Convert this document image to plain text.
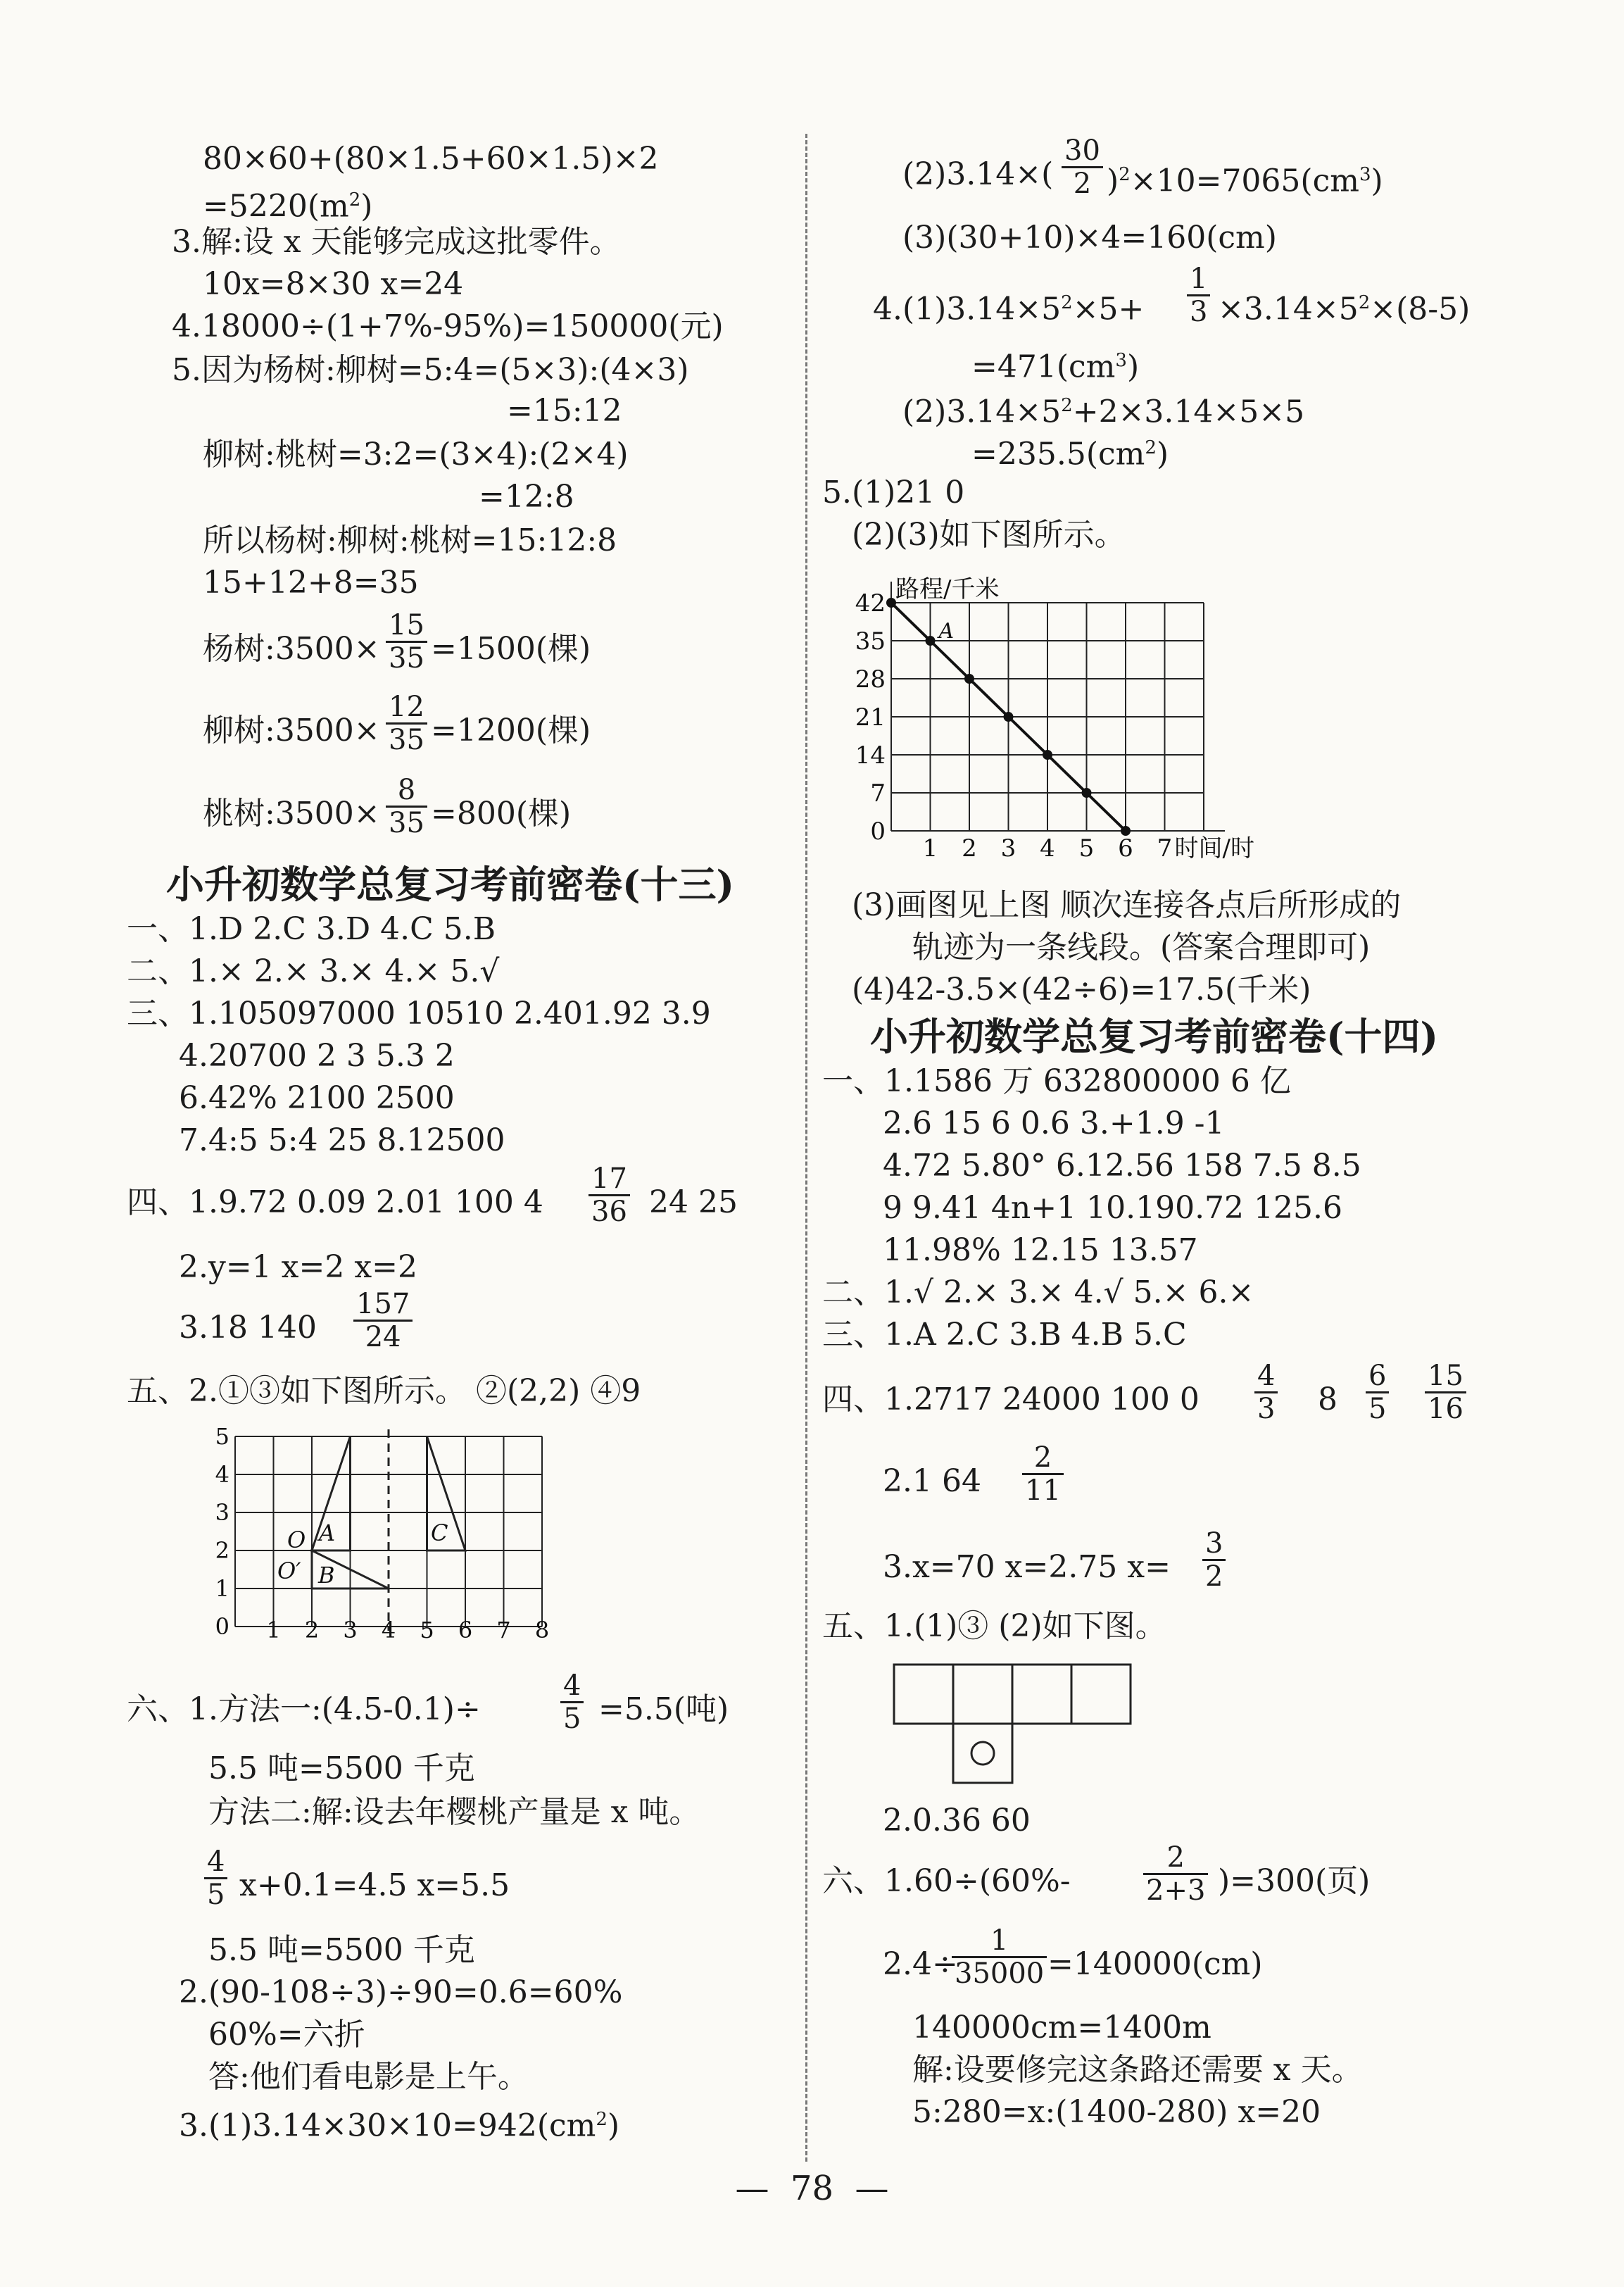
80×60+(80×1.5+60×1.5)×2
$=5220(m^2)$
3.解:设 x 天能够完成这批零件。
10x=8×30 x=24
4.18000÷(1+7%-95%)=150000(元)
5.因为杨树:柳树=5:4=(5×3):(4×3)
=15:12
柳树:桃树=3:2=(3×4):(2×4)
=12:8
所以杨树:柳树:桃树=15:12:8
15+12+8=35
杨树:3500× $\frac{15}{35} =1500$(棵)
柳树:3500× $\frac{12}{35} =1200$(棵)
桃树:3500× $\frac{8}{35} =800$(棵)
小升初数学总复习考前密卷(十三)
一、1.D 2.C 3.D 4.C 5.B
二、1.× 2.× 3.× 4.× 5.√
三、1.105097000 10510 2.401.92 3.9
4.20700 2 3 5.3 2
6.42% 2100 2500
7.4:5 5:4 25 8.12500
四、1.9.72 0.09 2.01 100 $4 \frac{17}{36} 24$ 25
2.y=1 x=2 x=2
3.18 $140 \frac{157}{24}$
五、2.①③如下图所示。 ②(2,2) ④9
A
B
C
O
O′
0
1
2
3
4
5
1 2 3 4 5 6 7 8
六、1.方法一:(4.5-0.1)÷	$\frac{4}{5} =5.5$(吨)
5.5 吨=5500 千克
方法二:解:设去年樱桃产量是 x 吨。
$\frac{4}{5} x+0.1=4.5$ x=5.5
5.5 吨=5500 千克
2.(90-108÷3)÷90=0.6=60%
60%=六折
答:他们看电影是上午。
$3.(1)3.14\times 30\times 10=942(cm^2)$
$(2)3.14\times( \frac{30}{2} )^2\times 10=7065(cm^3)$
(3)(30+10)×4=160(cm)
$4.(1)3.14\times 5^2\times 5+ \frac{1}{3} \times 3.14\times 5^2\times(8-5)$
$=471(cm^3)$
$(2)3.14\times 5^2+2\times 3.14\times 5\times 5$
$=235.5(cm^2)$
5.(1)21 0
(2)(3)如下图所示。
0
7
14
21
28
35
42
1 2 3 4 5 6 7
路程/千米
时间/时
A
(3)画图见上图 顺次连接各点后所形成的
轨迹为一条线段。(答案合理即可)
(4)42-3.5×(42÷6)=17.5(千米)
小升初数学总复习考前密卷(十四)
一、1.1586 万 632800000 6 亿
2.6 15 6 0.6 3.+1.9 -1
4.72 5.80° 6.12.56 158 7.5 8.5
9 9.41 4n+1 10.190.72 125.6
11.98% 12.15 13.57
二、1.√ 2.× 3.× 4.√ 5.× 6.×
三、1.A 2.C 3.B 4.B 5.C
四、1.2717 24000 100 $0 \frac{4}{3} 8 \frac{6}{5} \frac{15}{16}$
2.1 $64 \frac{2}{11}$
3.x=70 x=2.75 $x= \frac{3}{2}$
五、1.(1)③ (2)如下图。
2.0.36 60
六、1.60÷(60%-	$\frac{2}{2+3} )=300$(页)
2.4÷
$\frac{1}{35000} =140000(cm)$
140000cm=1400m
解:设要修完这条路还需要 x 天。
5:280=x:(1400-280) x=20
—  78  —
